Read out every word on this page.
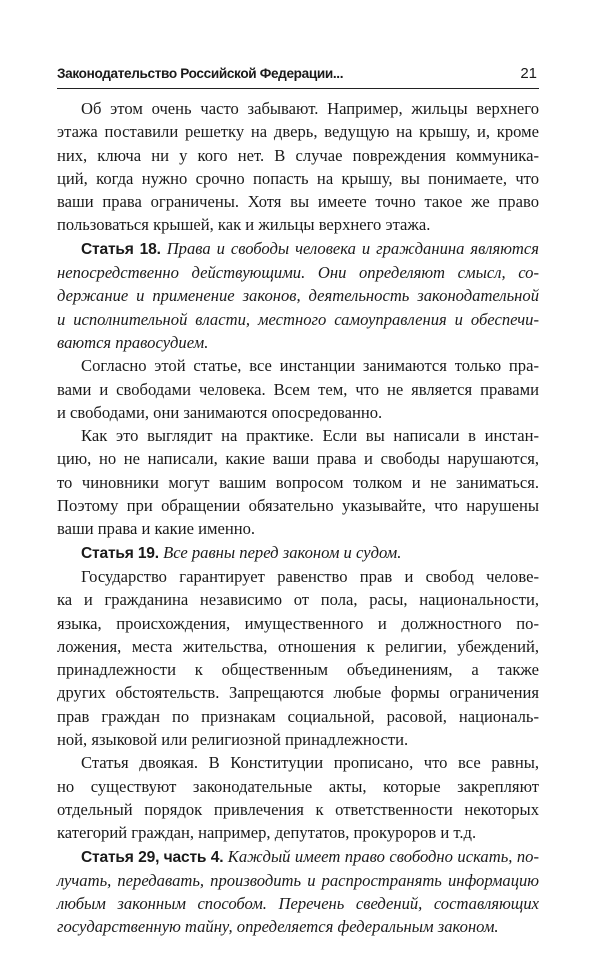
Законодательство Российской Федерации...	21

Об этом очень часто забывают. Например, жильцы верхнего
этажа поставили решетку на дверь, ведущую на крышу, и, кроме
них, ключа ни у кого нет. В случае повреждения коммуника-
ций, когда нужно срочно попасть на крышу, вы понимаете, что
ваши права ограничены. Хотя вы имеете точно такое же право
пользоваться крышей, как и жильцы верхнего этажа.

Статья 18. Права и свободы человека и гражданина являются
непосредственно действующими. Они определяют смысл, со-
держание и применение законов, деятельность законодательной
и исполнительной власти, местного самоуправления и обеспечи-
ваются правосудием.

Согласно этой статье, все инстанции занимаются только пра-
вами и свободами человека. Всем тем, что не является правами
и свободами, они занимаются опосредованно.

Как это выглядит на практике. Если вы написали в инстан-
цию, но не написали, какие ваши права и свободы нарушаются,
то чиновники могут вашим вопросом толком и не заниматься.
Поэтому при обращении обязательно указывайте, что нарушены
ваши права и какие именно.

Статья 19. Все равны перед законом и судом.

Государство гарантирует равенство прав и свобод челове-
ка и гражданина независимо от пола, расы, национальности,
языка, происхождения, имущественного и должностного по-
ложения, места жительства, отношения к религии, убеждений,
принадлежности к общественным объединениям, а также
других обстоятельств. Запрещаются любые формы ограничения
прав граждан по признакам социальной, расовой, националь-
ной, языковой или религиозной принадлежности.

Статья двоякая. В Конституции прописано, что все равны,
но существуют законодательные акты, которые закрепляют
отдельный порядок привлечения к ответственности некоторых
категорий граждан, например, депутатов, прокуроров и т.д.

Статья 29, часть 4. Каждый имеет право свободно искать, по-
лучать, передавать, производить и распространять информацию
любым законным способом. Перечень сведений, составляющих
государственную тайну, определяется федеральным законом.
